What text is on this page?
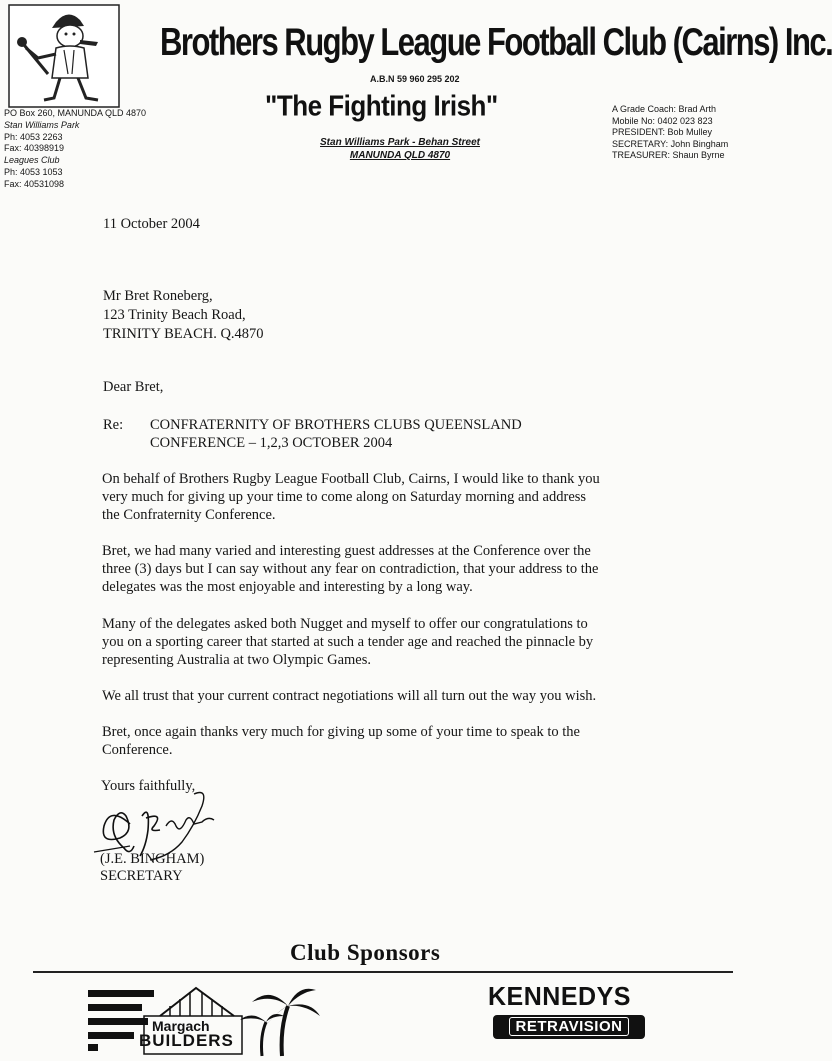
Brothers Rugby League Football Club (Cairns) Inc.
A.B.N 59 960 295 202
"The Fighting Irish"
Stan Williams Park - Behan Street
MANUNDA QLD 4870
PO Box 260, MANUNDA QLD 4870
Stan Williams Park
Ph: 4053 2263
Fax: 40398919
Leagues Club
Ph: 4053 1053
Fax: 40531098
A Grade Coach: Brad Arth
Mobile No: 0402 023 823
PRESIDENT: Bob Mulley
SECRETARY: John Bingham
TREASURER: Shaun Byrne
11 October 2004
Mr Bret Roneberg,
123 Trinity Beach Road,
TRINITY BEACH. Q.4870
Dear Bret,
Re: CONFRATERNITY OF BROTHERS CLUBS QUEENSLAND
CONFERENCE – 1,2,3 OCTOBER 2004
On behalf of Brothers Rugby League Football Club, Cairns, I would like to thank you
very much for giving up your time to come along on Saturday morning and address
the Confraternity Conference.
Bret, we had many varied and interesting guest addresses at the Conference over the
three (3) days but I can say without any fear on contradiction, that your address to the
delegates was the most enjoyable and interesting by a long way.
Many of the delegates asked both Nugget and myself to offer our congratulations to
you on a sporting career that started at such a tender age and reached the pinnacle by
representing Australia at two Olympic Games.
We all trust that your current contract negotiations will all turn out the way you wish.
Bret, once again thanks very much for giving up some of your time to speak to the
Conference.
Yours faithfully,
(J.E. BINGHAM)
SECRETARY
Club Sponsors
Margach
BUILDERS
KENNEDYS
RETRAVISION
